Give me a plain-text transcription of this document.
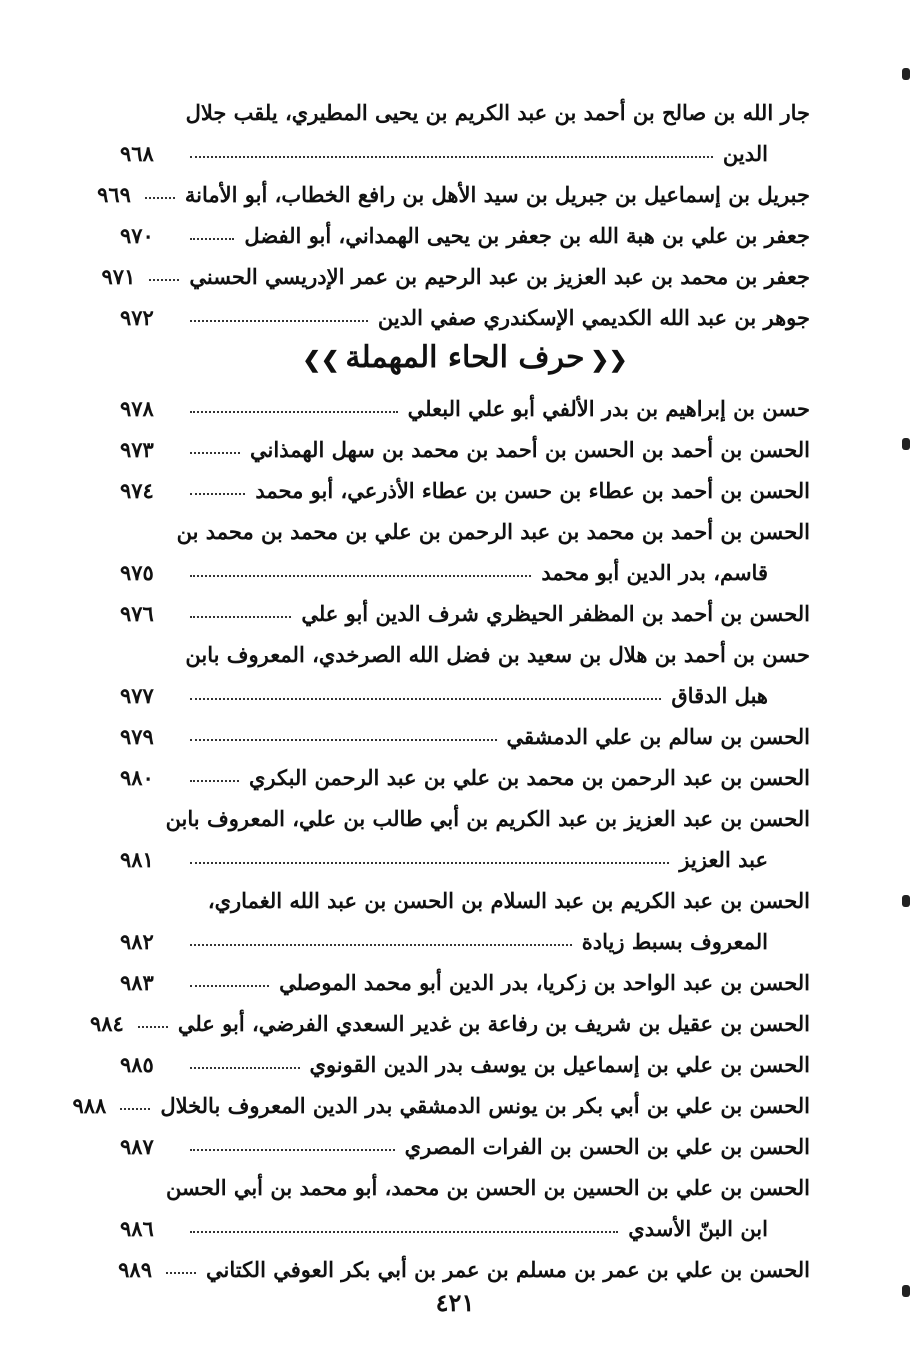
جار الله بن صالح بن أحمد بن عبد الكريم بن يحيى المطيري، يلقب جلال
الدين
٩٦٨
جبريل بن إسماعيل بن جبريل بن سيد الأهل بن رافع الخطاب، أبو الأمانة
٩٦٩
جعفر بن علي بن هبة الله بن جعفر بن يحيى الهمداني، أبو الفضل
٩٧٠
جعفر بن محمد بن عبد العزيز بن عبد الرحيم بن عمر الإدريسي الحسني
٩٧١
جوهر بن عبد الله الكديمي الإسكندري صفي الدين
٩٧٢
❮❮حرف الحاء المهملة❯❯
حسن بن إبراهيم بن بدر الألفي أبو علي البعلي
٩٧٨
الحسن بن أحمد بن الحسن بن أحمد بن محمد بن سهل الهمذاني
٩٧٣
الحسن بن أحمد بن عطاء بن حسن بن عطاء الأذرعي، أبو محمد
٩٧٤
الحسن بن أحمد بن محمد بن عبد الرحمن بن علي بن محمد بن محمد بن
قاسم، بدر الدين أبو محمد
٩٧٥
الحسن بن أحمد بن المظفر الحيظري شرف الدين أبو علي
٩٧٦
حسن بن أحمد بن هلال بن سعيد بن فضل الله الصرخدي، المعروف بابن
هبل الدقاق
٩٧٧
الحسن بن سالم بن علي الدمشقي
٩٧٩
الحسن بن عبد الرحمن بن محمد بن علي بن عبد الرحمن البكري
٩٨٠
الحسن بن عبد العزيز بن عبد الكريم بن أبي طالب بن علي، المعروف بابن
عبد العزيز
٩٨١
الحسن بن عبد الكريم بن عبد السلام بن الحسن بن عبد الله الغماري،
المعروف بسبط زيادة
٩٨٢
الحسن بن عبد الواحد بن زكريا، بدر الدين أبو محمد الموصلي
٩٨٣
الحسن بن عقيل بن شريف بن رفاعة بن غدير السعدي الفرضي، أبو علي
٩٨٤
الحسن بن علي بن إسماعيل بن يوسف بدر الدين القونوي
٩٨٥
الحسن بن علي بن أبي بكر بن يونس الدمشقي بدر الدين المعروف بالخلال
٩٨٨
الحسن بن علي بن الحسن بن الفرات المصري
٩٨٧
الحسن بن علي بن الحسين بن الحسن بن محمد، أبو محمد بن أبي الحسن
ابن البنّ الأسدي
٩٨٦
الحسن بن علي بن عمر بن مسلم بن عمر بن أبي بكر العوفي الكتاني
٩٨٩
٤٢١
